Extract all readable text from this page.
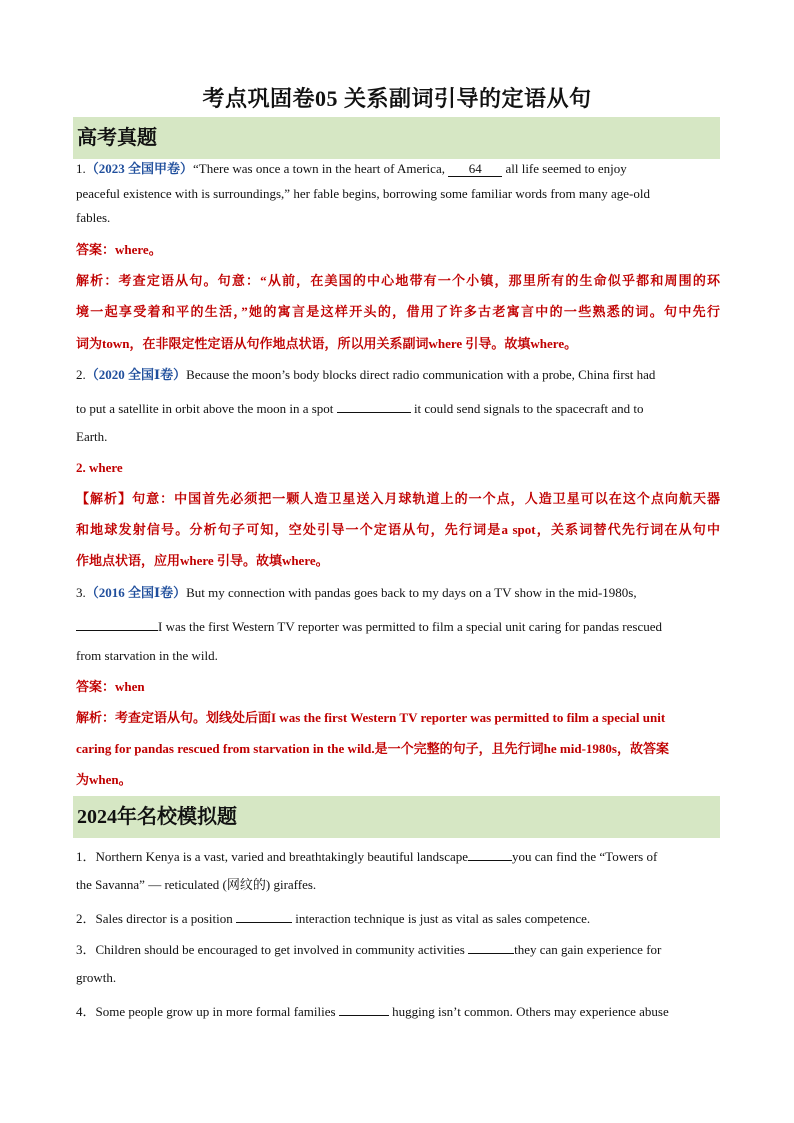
考点巩固卷05 关系副词引导的定语从句
高考真题
1.（2023 全国甲卷）“There was once a town in the heart of America, 64 all life seemed to enjoy
peaceful existence with is surroundings,” her fable begins, borrowing some familiar words from many age-old
fables.
答案：where。
解析：考查定语从句。句意：“从前，在美国的中心地带有一个小镇，那里所有的生命似乎都和周围的环
境一起享受着和平的生活，”她的寓言是这样开头的，借用了许多古老寓言中的一些熟悉的词。句中先行
词为town，在非限定性定语从句作地点状语，所以用关系副词where 引导。故填where。
2.（2020 全国Ⅰ卷）Because the moon’s body blocks direct radio communication with a probe, China first had
to put a satellite in orbit above the moon in a spot	it could send signals to the spacecraft and to
Earth.
2. where
【解析】句意：中国首先必须把一颗人造卫星送入月球轨道上的一个点，人造卫星可以在这个点向航天器
和地球发射信号。分析句子可知，空处引导一个定语从句，先行词是a spot，关系词替代先行词在从句中
作地点状语，应用where 引导。故填where。
3.（2016 全国Ⅰ卷）But my connection with pandas goes back to my days on a TV show in the mid-1980s,
I was the first Western TV reporter was permitted to film a special unit caring for pandas rescued
from starvation in the wild.
答案：when
解析：考查定语从句。划线处后面I was the first Western TV reporter was permitted to film a special unit
caring for pandas rescued from starvation in the wild.是一个完整的句子，且先行词he mid-1980s，故答案
为when。
2024年名校模拟题
1．Northern Kenya is a vast, varied and breathtakingly beautiful landscape	you can find the “Towers of
the Savanna” — reticulated (网纹的) giraffes.
2．Sales director is a position	interaction technique is just as vital as sales competence.
3．Children should be encouraged to get involved in community activities	they can gain experience for
growth.
4．Some people grow up in more formal families	hugging isn’t common. Others may experience abuse
